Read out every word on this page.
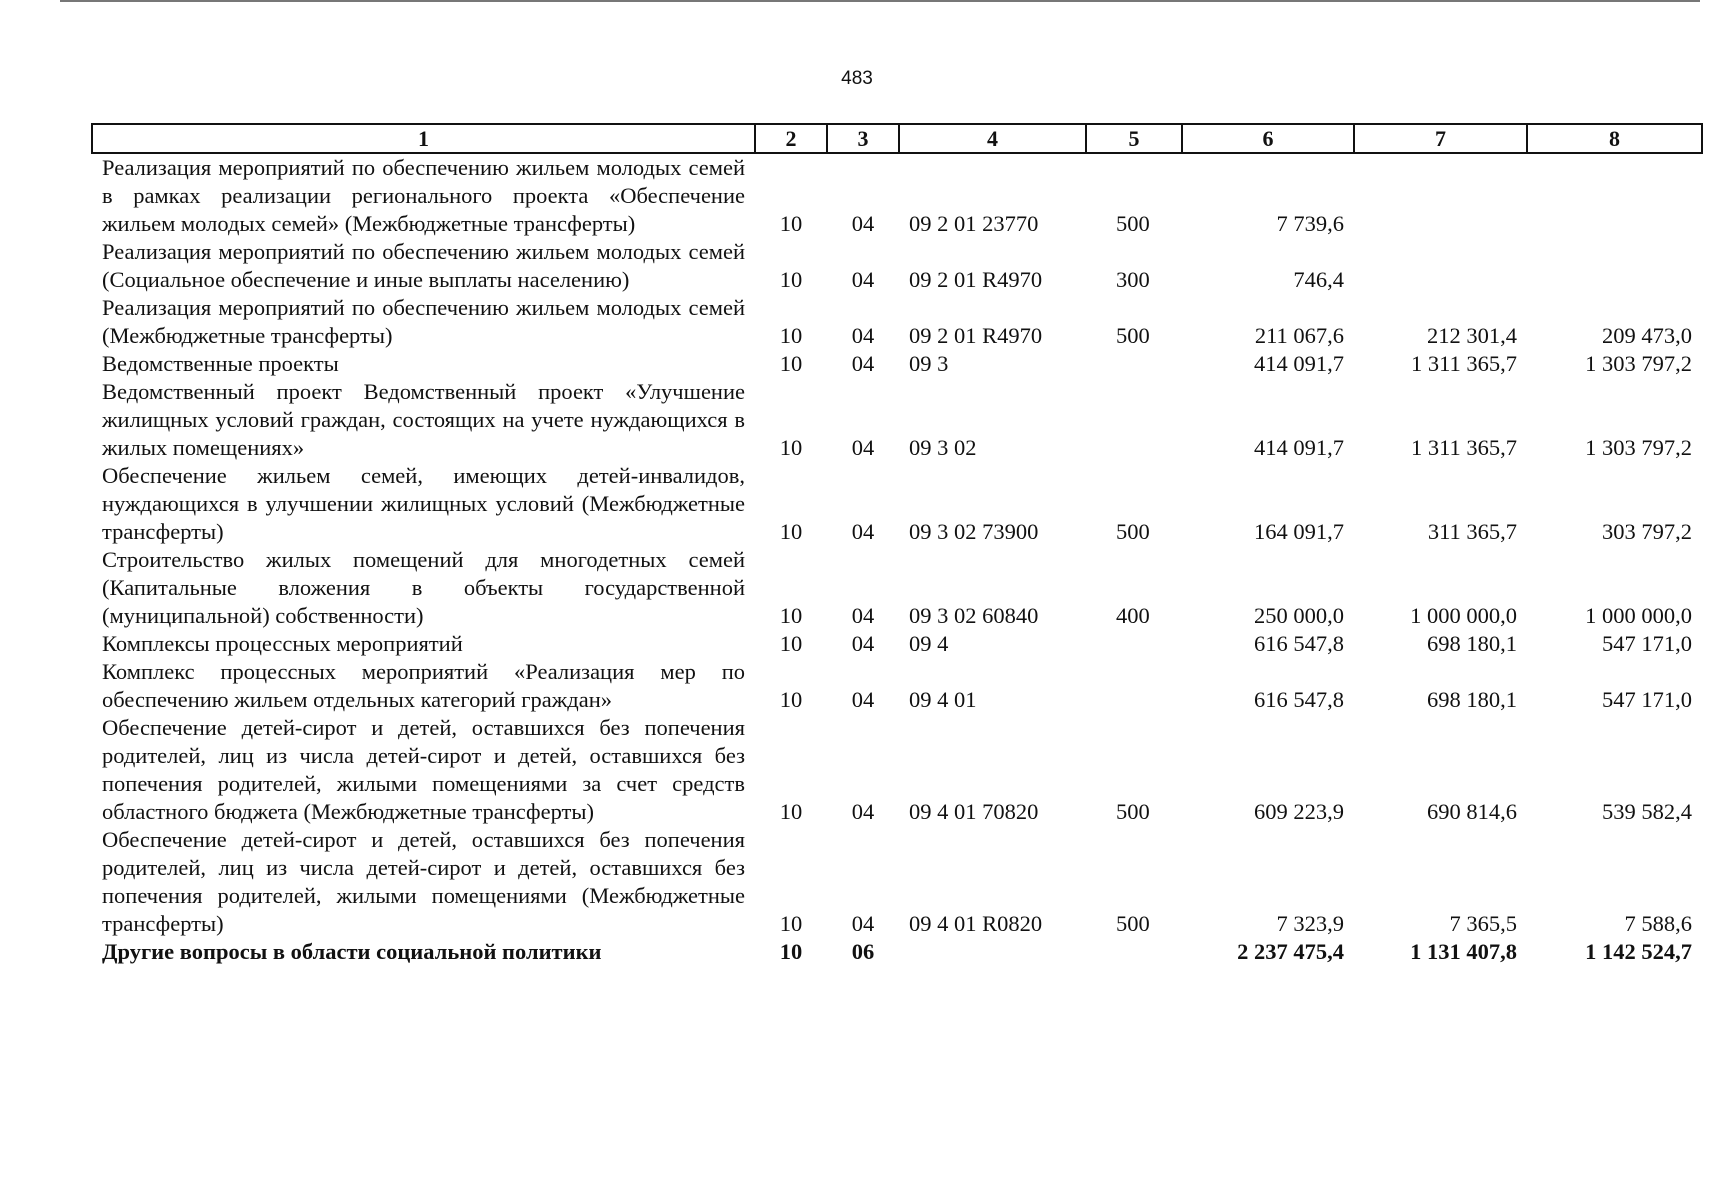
483
1	2	3	4	5	6	7	8
Реализация мероприятий по обеспечению жильем молодых семей в рамках реализации регионального проекта «Обеспечение жильем молодых семей» (Межбюджетные трансферты)	10	04	09 2 01 23770	500	7 739,6		
Реализация мероприятий по обеспечению жильем молодых семей (Социальное обеспечение и иные выплаты населению)	10	04	09 2 01 R4970	300	746,4		
Реализация мероприятий по обеспечению жильем молодых семей (Межбюджетные трансферты)	10	04	09 2 01 R4970	500	211 067,6	212 301,4	209 473,0
Ведомственные проекты	10	04	09 3		414 091,7	1 311 365,7	1 303 797,2
Ведомственный проект Ведомственный проект «Улучшение жилищных условий граждан, состоящих на учете нуждающихся в жилых помещениях»	10	04	09 3 02		414 091,7	1 311 365,7	1 303 797,2
Обеспечение жильем семей, имеющих детей-инвалидов, нуждающихся в улучшении жилищных условий (Межбюджетные трансферты)	10	04	09 3 02 73900	500	164 091,7	311 365,7	303 797,2
Строительство жилых помещений для многодетных семей (Капитальные вложения в объекты государственной (муниципальной) собственности)	10	04	09 3 02 60840	400	250 000,0	1 000 000,0	1 000 000,0
Комплексы процессных мероприятий	10	04	09 4		616 547,8	698 180,1	547 171,0
Комплекс процессных мероприятий «Реализация мер по обеспечению жильем отдельных категорий граждан»	10	04	09 4 01		616 547,8	698 180,1	547 171,0
Обеспечение детей-сирот и детей, оставшихся без попечения родителей, лиц из числа детей-сирот и детей, оставшихся без попечения родителей, жилыми помещениями за счет средств областного бюджета (Межбюджетные трансферты)	10	04	09 4 01 70820	500	609 223,9	690 814,6	539 582,4
Обеспечение детей-сирот и детей, оставшихся без попечения родителей, лиц из числа детей-сирот и детей, оставшихся без попечения родителей, жилыми помещениями (Межбюджетные трансферты)	10	04	09 4 01 R0820	500	7 323,9	7 365,5	7 588,6
Другие вопросы в области социальной политики	10	06			2 237 475,4	1 131 407,8	1 142 524,7
